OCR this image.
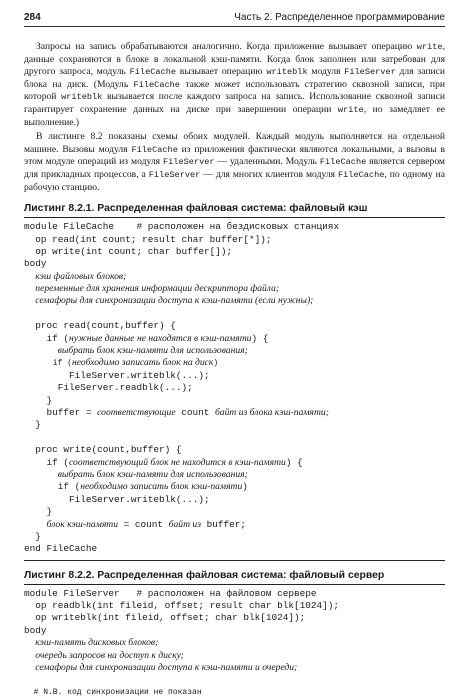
284	Часть 2. Распределенное программирование

Запросы на запись обрабатываются аналогично. Когда приложение вызывает операцию write, данные сохраняются в блоке в локальной кэш-памяти. Когда блок заполнен или затребован для другого запроса, модуль FileCache вызывает операцию writeblk модуля FileServer для записи блока на диск. (Модуль FileCache также может использовать стратегию сквозной записи, при которой writeblk вызывается после каждого запроса на запись. Использование сквозной записи гарантирует сохранение данных на диске при завершении операции write, но замедляет ее выполнение.)

В листинге 8.2 показаны схемы обоих модулей. Каждый модуль выполняется на отдельной машине. Вызовы модуля FileCache из приложения фактически являются локальными, а вызовы в этом модуле операций из модуля FileServer — удаленными. Модуль FileCache является сервером для прикладных процессов, а FileServer — для многих клиентов модуля FileCache, по одному на рабочую станцию.

Листинг 8.2.1. Распределенная файловая система: файловый кэш
module FileCache    # расположен на бездисковых станциях
op read(int count; result char buffer[*]);
op write(int count; char buffer[]);
body
кэш файловых блоков;
переменные для хранения информации дескриптора файла;
семафоры для синхронизации доступа к кэш-памяти (если нужны);

proc read(count,buffer) {
if (нужные данные не находятся в кэш-памяти) {
выбрать блок кэш-памяти для использования;
if (необходимо записать блок на диск)
FileServer.writeblk(...);
FileServer.readblk(...);
}
buffer = соответствующие count байт из блока кэш-памяти;
}

proc write(count,buffer) {
if (соответствующий блок не находится в кэш-памяти) {
выбрать блок кэш-памяти для использования;
if (необходимо записать блок кэш-памяти)
FileServer.writeblk(...);
}
блок кэш-памяти = count байт из buffer;
}
end FileCache
Листинг 8.2.2. Распределенная файловая система: файловый сервер
module FileServer   # расположен на файловом сервере
op readblk(int fileid, offset; result char blk[1024]);
op writeblk(int fileid, offset; char blk[1024]);
body
кэш-память дисковых блоков;
очередь запросов на доступ к диску;
семафоры для синхронизации доступа к кэш-памяти и очереди;

# N.B. код синхронизации не показан
